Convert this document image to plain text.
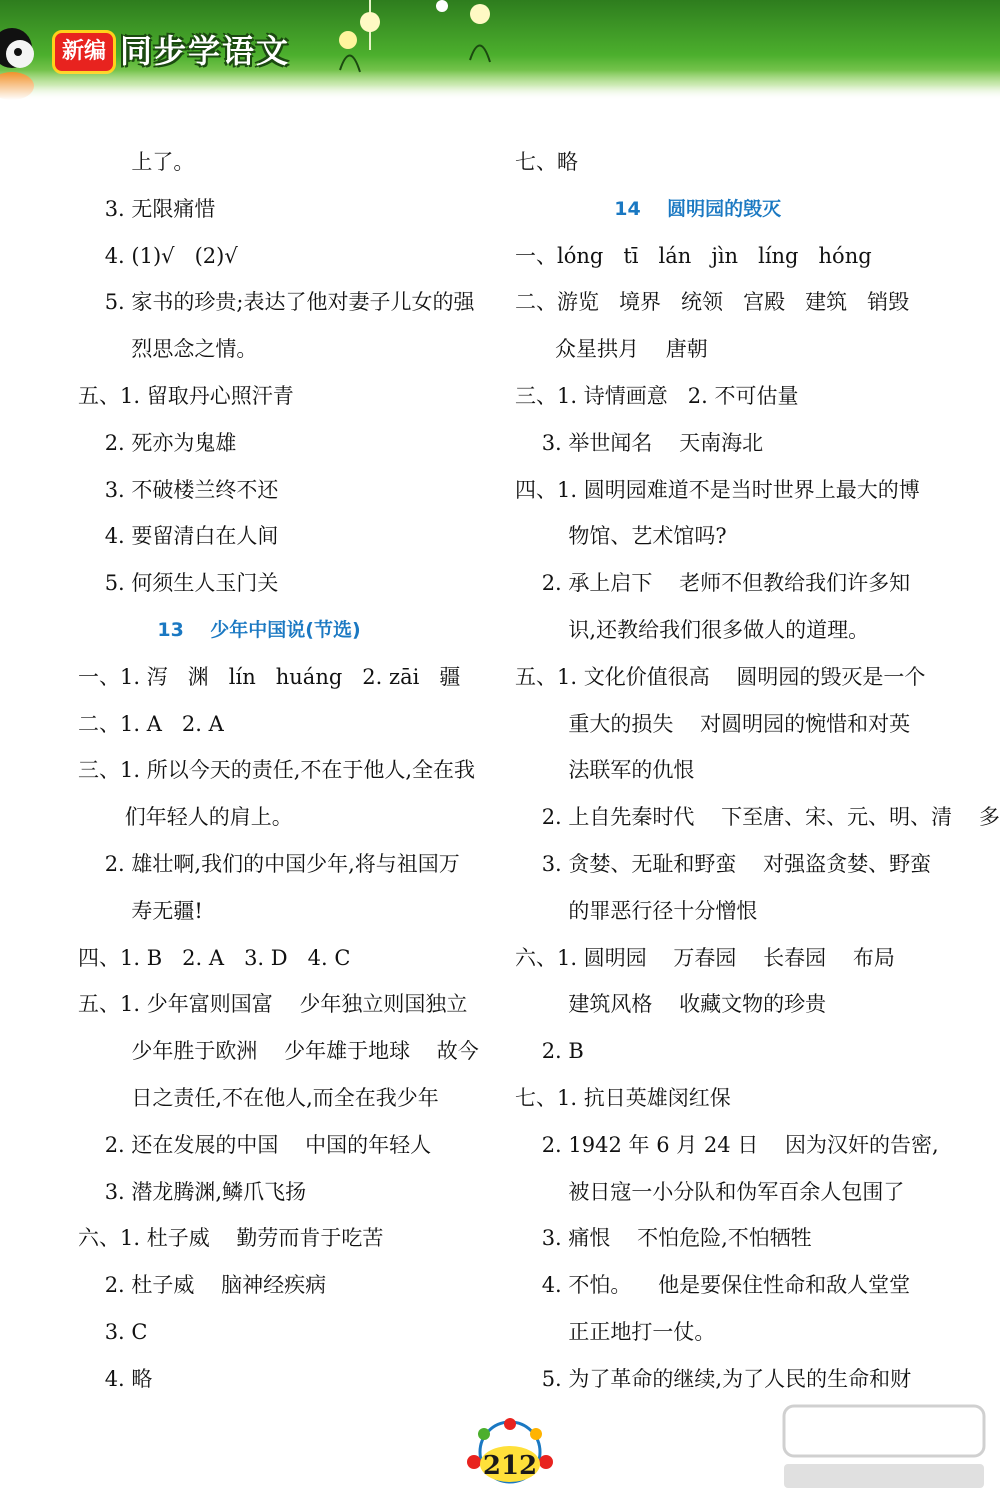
新编 同步学语文
上了。
3. 无限痛惜
4. (1)√   (2)√
5. 家书的珍贵;表达了他对妻子儿女的强
烈思念之情。
五、1. 留取丹心照汗青
2. 死亦为鬼雄
3. 不破楼兰终不还
4. 要留清白在人间
5. 何须生人玉门关
13    少年中国说(节选)
一、1. 泻   渊   lín   huáng   2. zāi   疆
二、1. A   2. A
三、1. 所以今天的责任,不在于他人,全在我
们年轻人的肩上。
2. 雄壮啊,我们的中国少年,将与祖国万
寿无疆!
四、1. B   2. A   3. D   4. C
五、1. 少年富则国富    少年独立则国独立
少年胜于欧洲    少年雄于地球    故今
日之责任,不在他人,而全在我少年
2. 还在发展的中国    中国的年轻人
3. 潜龙腾渊,鳞爪飞扬
六、1. 杜子威    勤劳而肯于吃苦
2. 杜子威    脑神经疾病
3. C
4. 略
七、略
14    圆明园的毁灭
一、lóng   tī   lán   jìn   líng   hóng
二、游览   境界   统领   宫殿   建筑   销毁
众星拱月    唐朝
三、1. 诗情画意   2. 不可估量
3. 举世闻名    天南海北
四、1. 圆明园难道不是当时世界上最大的博
物馆、艺术馆吗?
2. 承上启下    老师不但教给我们许多知
识,还教给我们很多做人的道理。
五、1. 文化价值很高    圆明园的毁灭是一个
重大的损失    对圆明园的惋惜和对英
法联军的仇恨
2. 上自先秦时代    下至唐、宋、元、明、清    多
3. 贪婪、无耻和野蛮    对强盗贪婪、野蛮
的罪恶行径十分憎恨
六、1. 圆明园    万春园    长春园    布局
建筑风格    收藏文物的珍贵
2. B
七、1. 抗日英雄闵红保
2. 1942 年 6 月 24 日    因为汉奸的告密,
被日寇一小分队和伪军百余人包围了
3. 痛恨    不怕危险,不怕牺牲
4. 不怕。    他是要保住性命和敌人堂堂
正正地打一仗。
5. 为了革命的继续,为了人民的生命和财
212
